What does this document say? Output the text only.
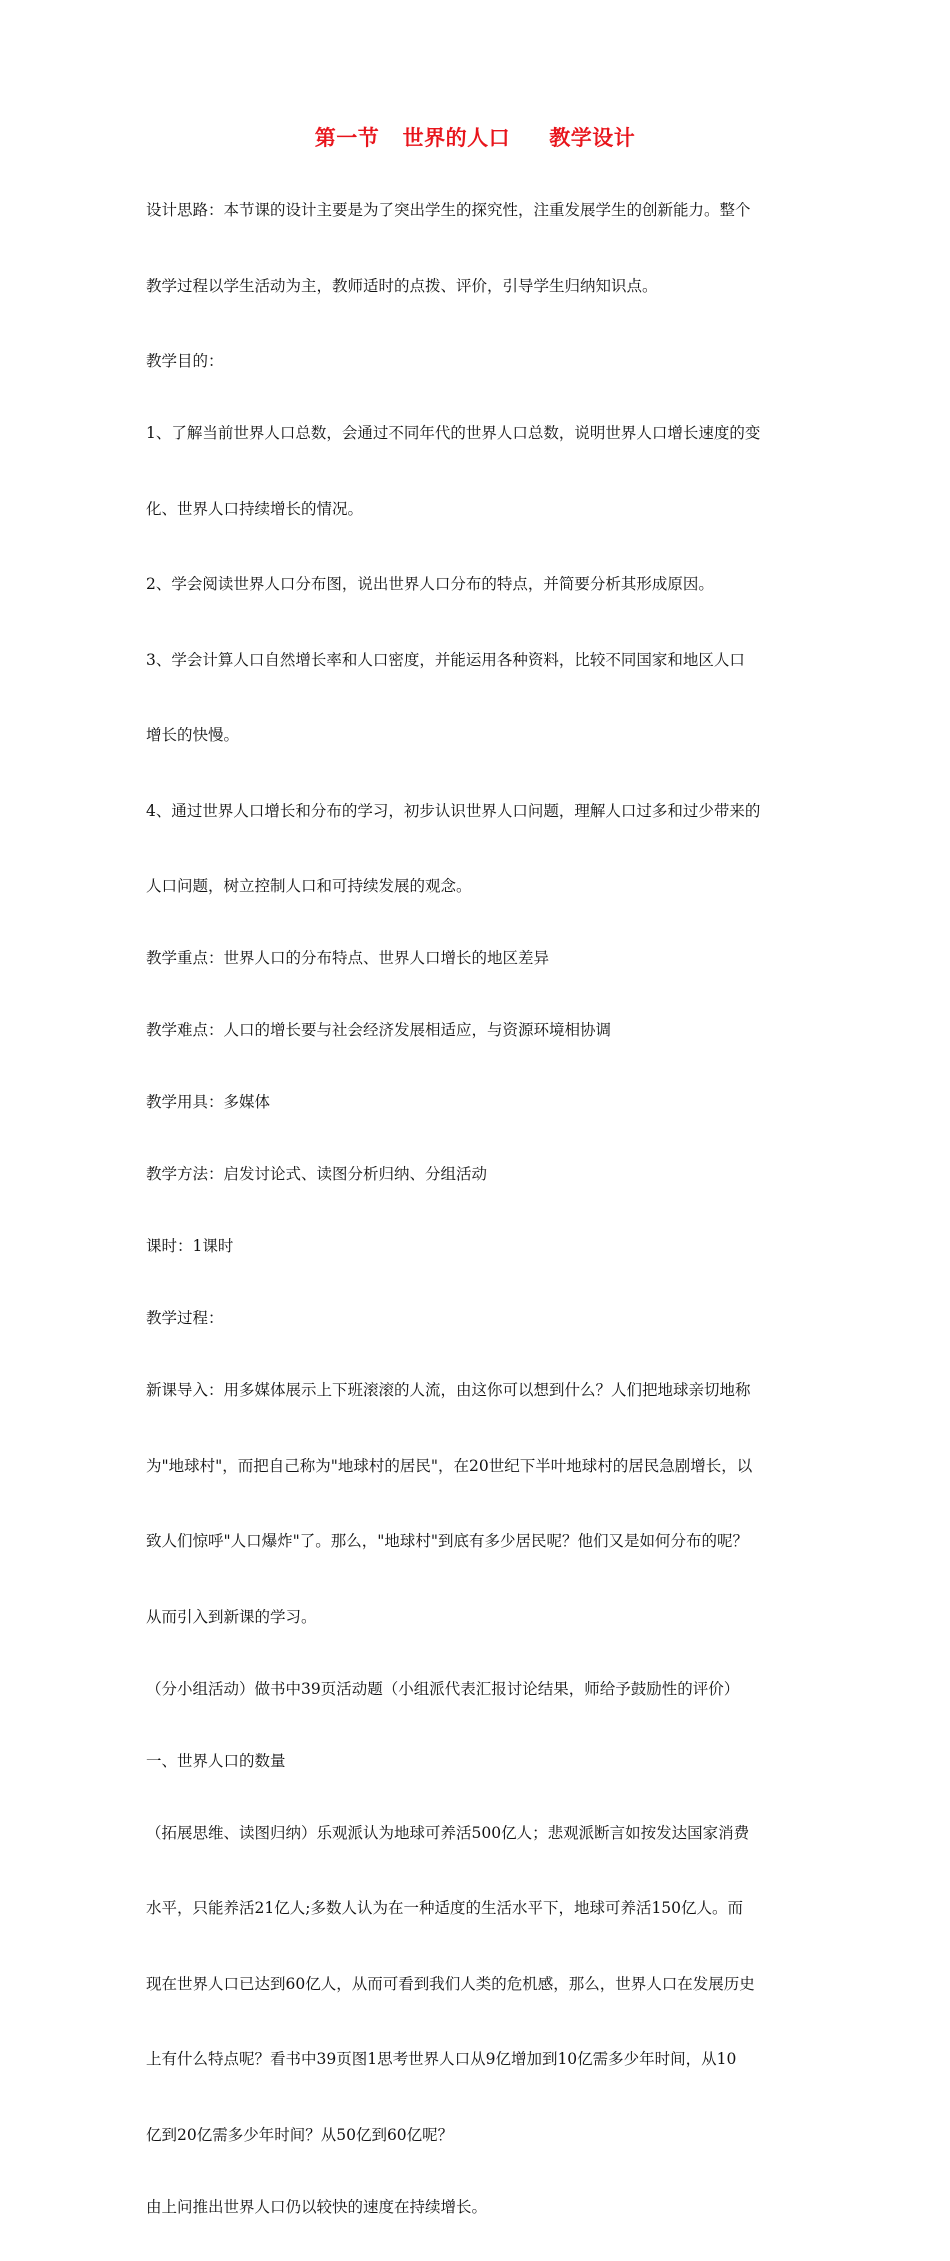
第一节   世界的人口     教学设计

设计思路：本节课的设计主要是为了突出学生的探究性，注重发展学生的创新能力。整个

教学过程以学生活动为主，教师适时的点拨、评价，引导学生归纳知识点。

教学目的：

1、了解当前世界人口总数，会通过不同年代的世界人口总数，说明世界人口增长速度的变

化、世界人口持续增长的情况。

2、学会阅读世界人口分布图，说出世界人口分布的特点，并简要分析其形成原因。

3、学会计算人口自然增长率和人口密度，并能运用各种资料，比较不同国家和地区人口

增长的快慢。

4、通过世界人口增长和分布的学习，初步认识世界人口问题，理解人口过多和过少带来的

人口问题，树立控制人口和可持续发展的观念。

教学重点：世界人口的分布特点、世界人口增长的地区差异

教学难点：人口的增长要与社会经济发展相适应，与资源环境相协调

教学用具：多媒体

教学方法：启发讨论式、读图分析归纳、分组活动

课时：1课时

教学过程：

新课导入：用多媒体展示上下班滚滚的人流，由这你可以想到什么？人们把地球亲切地称

为"地球村"，而把自己称为"地球村的居民"，在20世纪下半叶地球村的居民急剧增长，以

致人们惊呼"人口爆炸"了。那么，"地球村"到底有多少居民呢？他们又是如何分布的呢？

从而引入到新课的学习。

（分小组活动）做书中39页活动题（小组派代表汇报讨论结果，师给予鼓励性的评价）

一、世界人口的数量

（拓展思维、读图归纳）乐观派认为地球可养活500亿人；悲观派断言如按发达国家消费

水平，只能养活21亿人;多数人认为在一种适度的生活水平下，地球可养活150亿人。而

现在世界人口已达到60亿人，从而可看到我们人类的危机感，那么，世界人口在发展历史

上有什么特点呢？看书中39页图1思考世界人口从9亿增加到10亿需多少年时间，从10

亿到20亿需多少年时间？从50亿到60亿呢？

由上问推出世界人口仍以较快的速度在持续增长。
